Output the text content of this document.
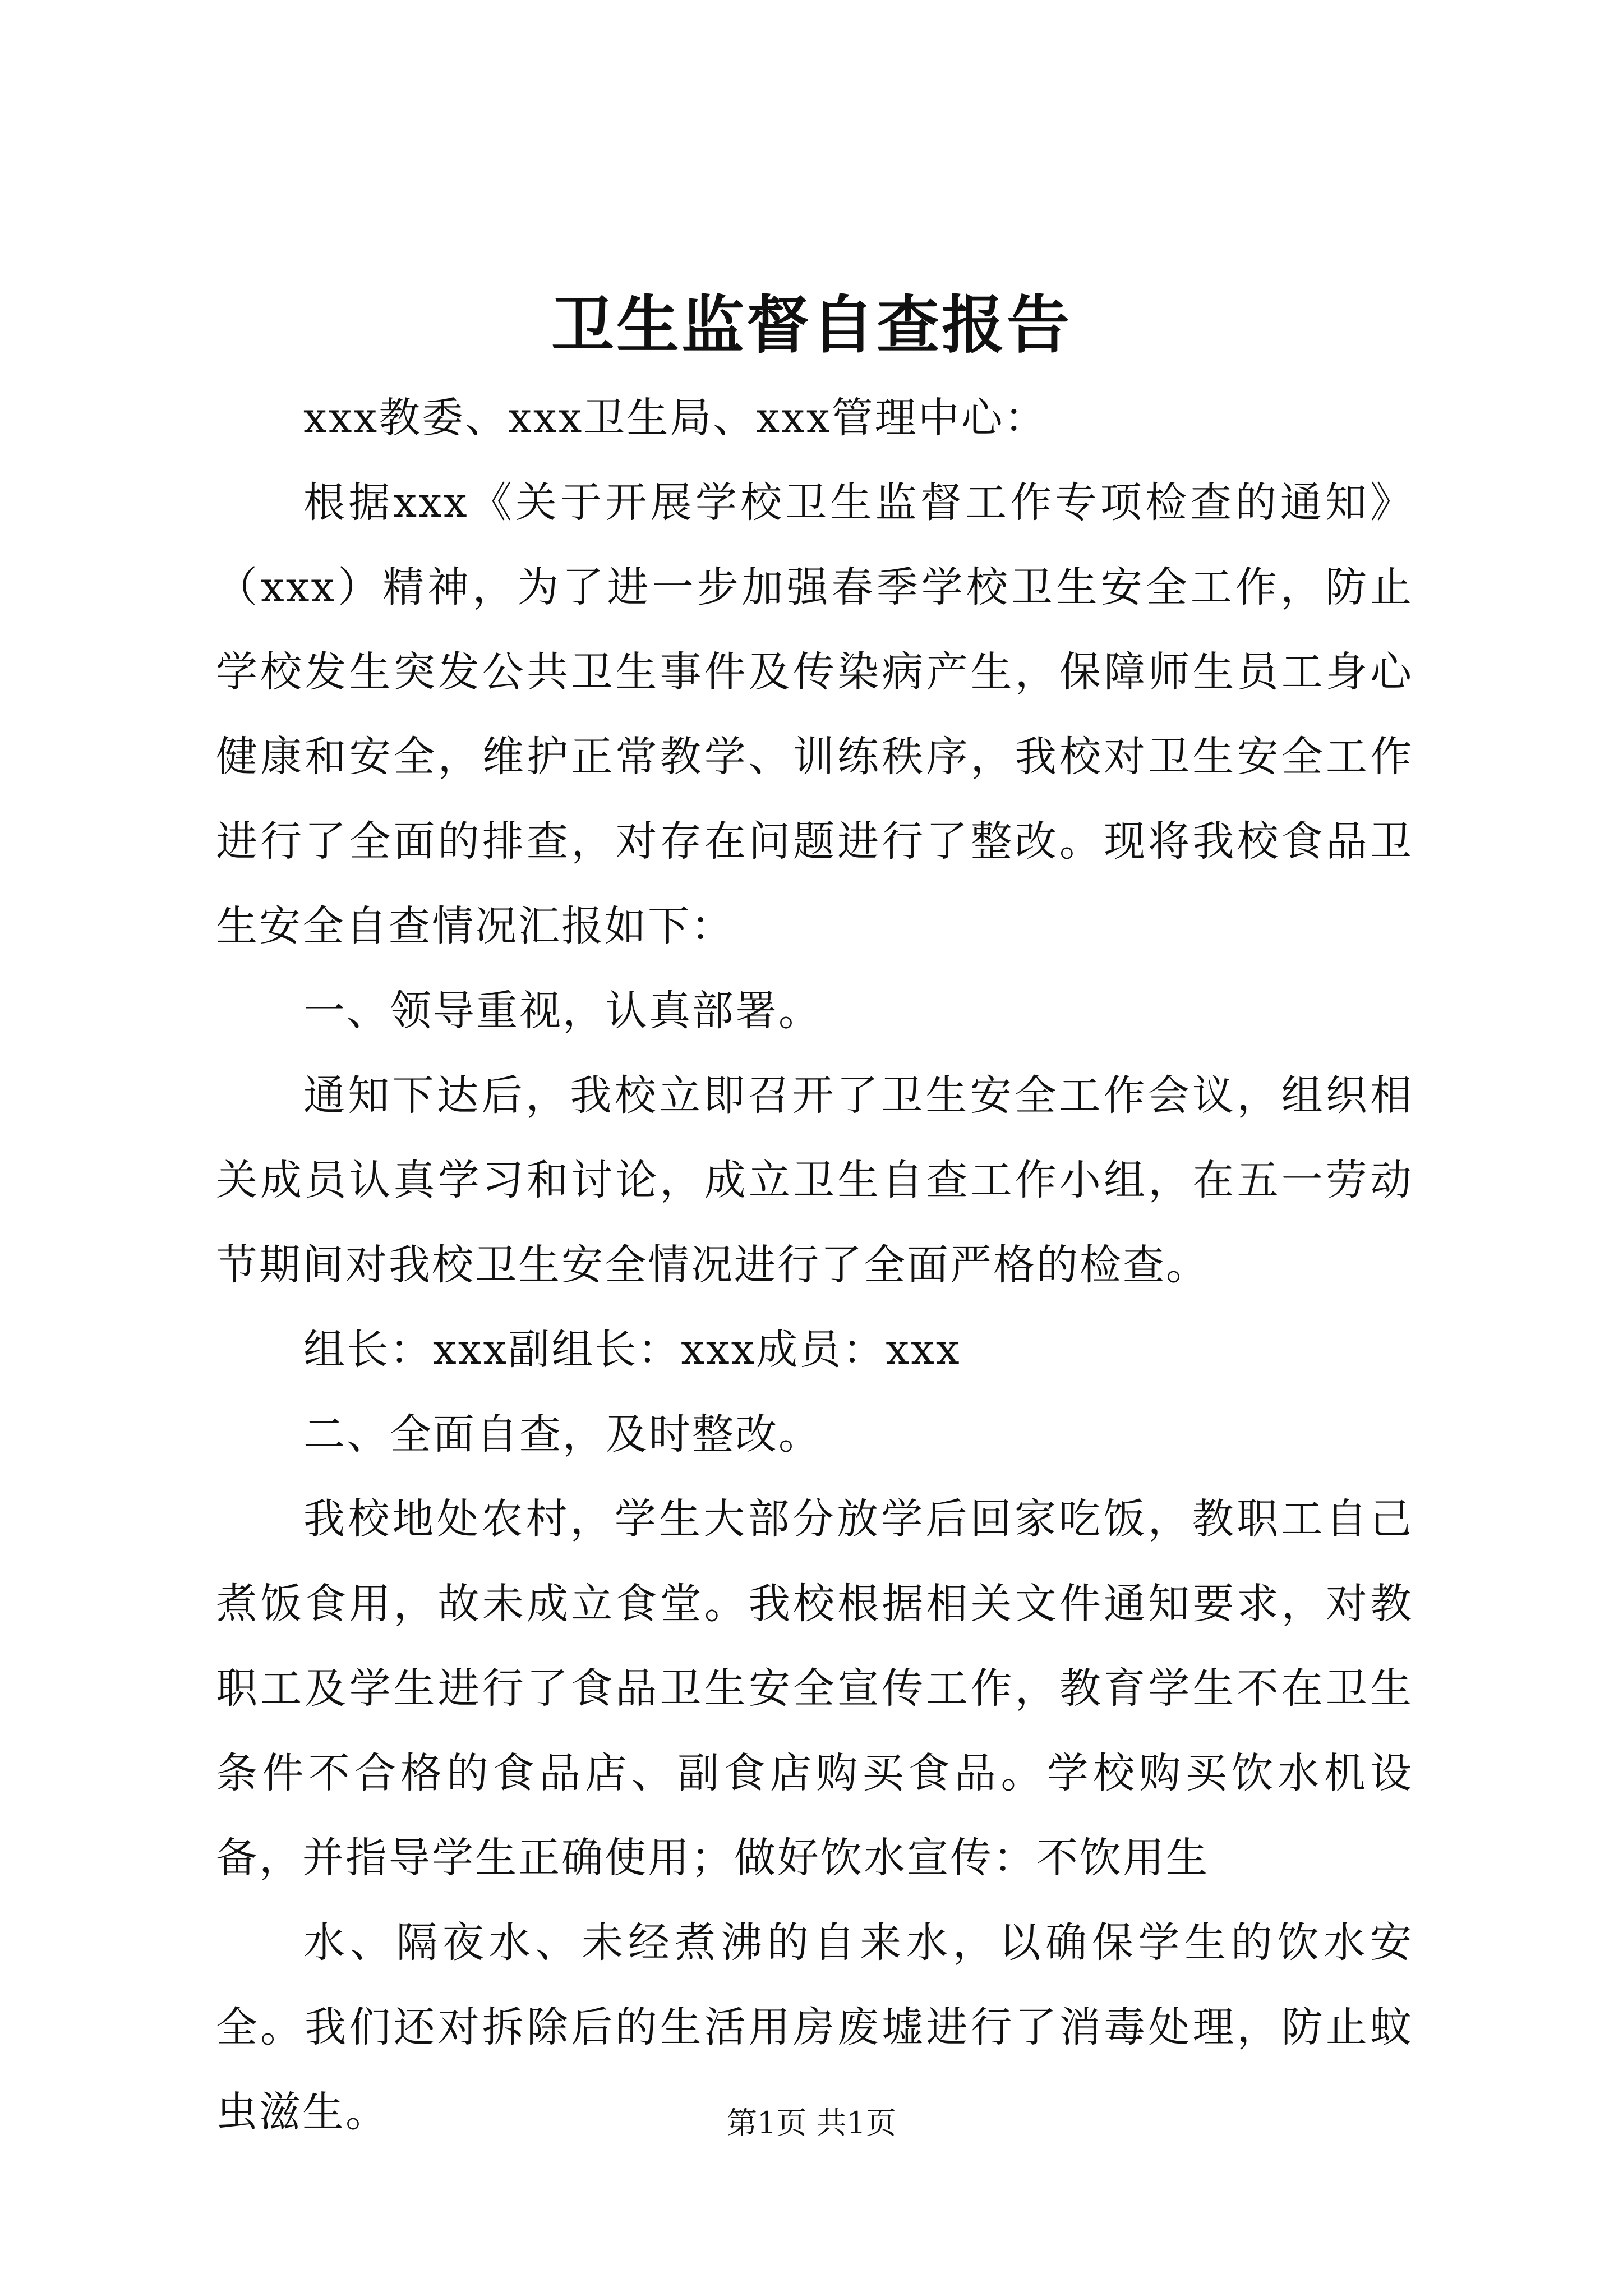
卫生监督自查报告

xxx教委、xxx卫生局、xxx管理中心：

根据xxx《关于开展学校卫生监督工作专项检查的通知》（xxx）精神，为了进一步加强春季学校卫生安全工作，防止学校发生突发公共卫生事件及传染病产生，保障师生员工身心健康和安全，维护正常教学、训练秩序，我校对卫生安全工作进行了全面的排查，对存在问题进行了整改。现将我校食品卫生安全自查情况汇报如下：

一、领导重视，认真部署。

通知下达后，我校立即召开了卫生安全工作会议，组织相关成员认真学习和讨论，成立卫生自查工作小组，在五一劳动节期间对我校卫生安全情况进行了全面严格的检查。

组长：xxx副组长：xxx成员：xxx

二、全面自查，及时整改。

我校地处农村，学生大部分放学后回家吃饭，教职工自己煮饭食用，故未成立食堂。我校根据相关文件通知要求，对教职工及学生进行了食品卫生安全宣传工作，教育学生不在卫生条件不合格的食品店、副食店购买食品。学校购买饮水机设备，并指导学生正确使用；做好饮水宣传：不饮用生

水、隔夜水、未经煮沸的自来水，以确保学生的饮水安全。我们还对拆除后的生活用房废墟进行了消毒处理，防止蚊虫滋生。	第1页 共1页
